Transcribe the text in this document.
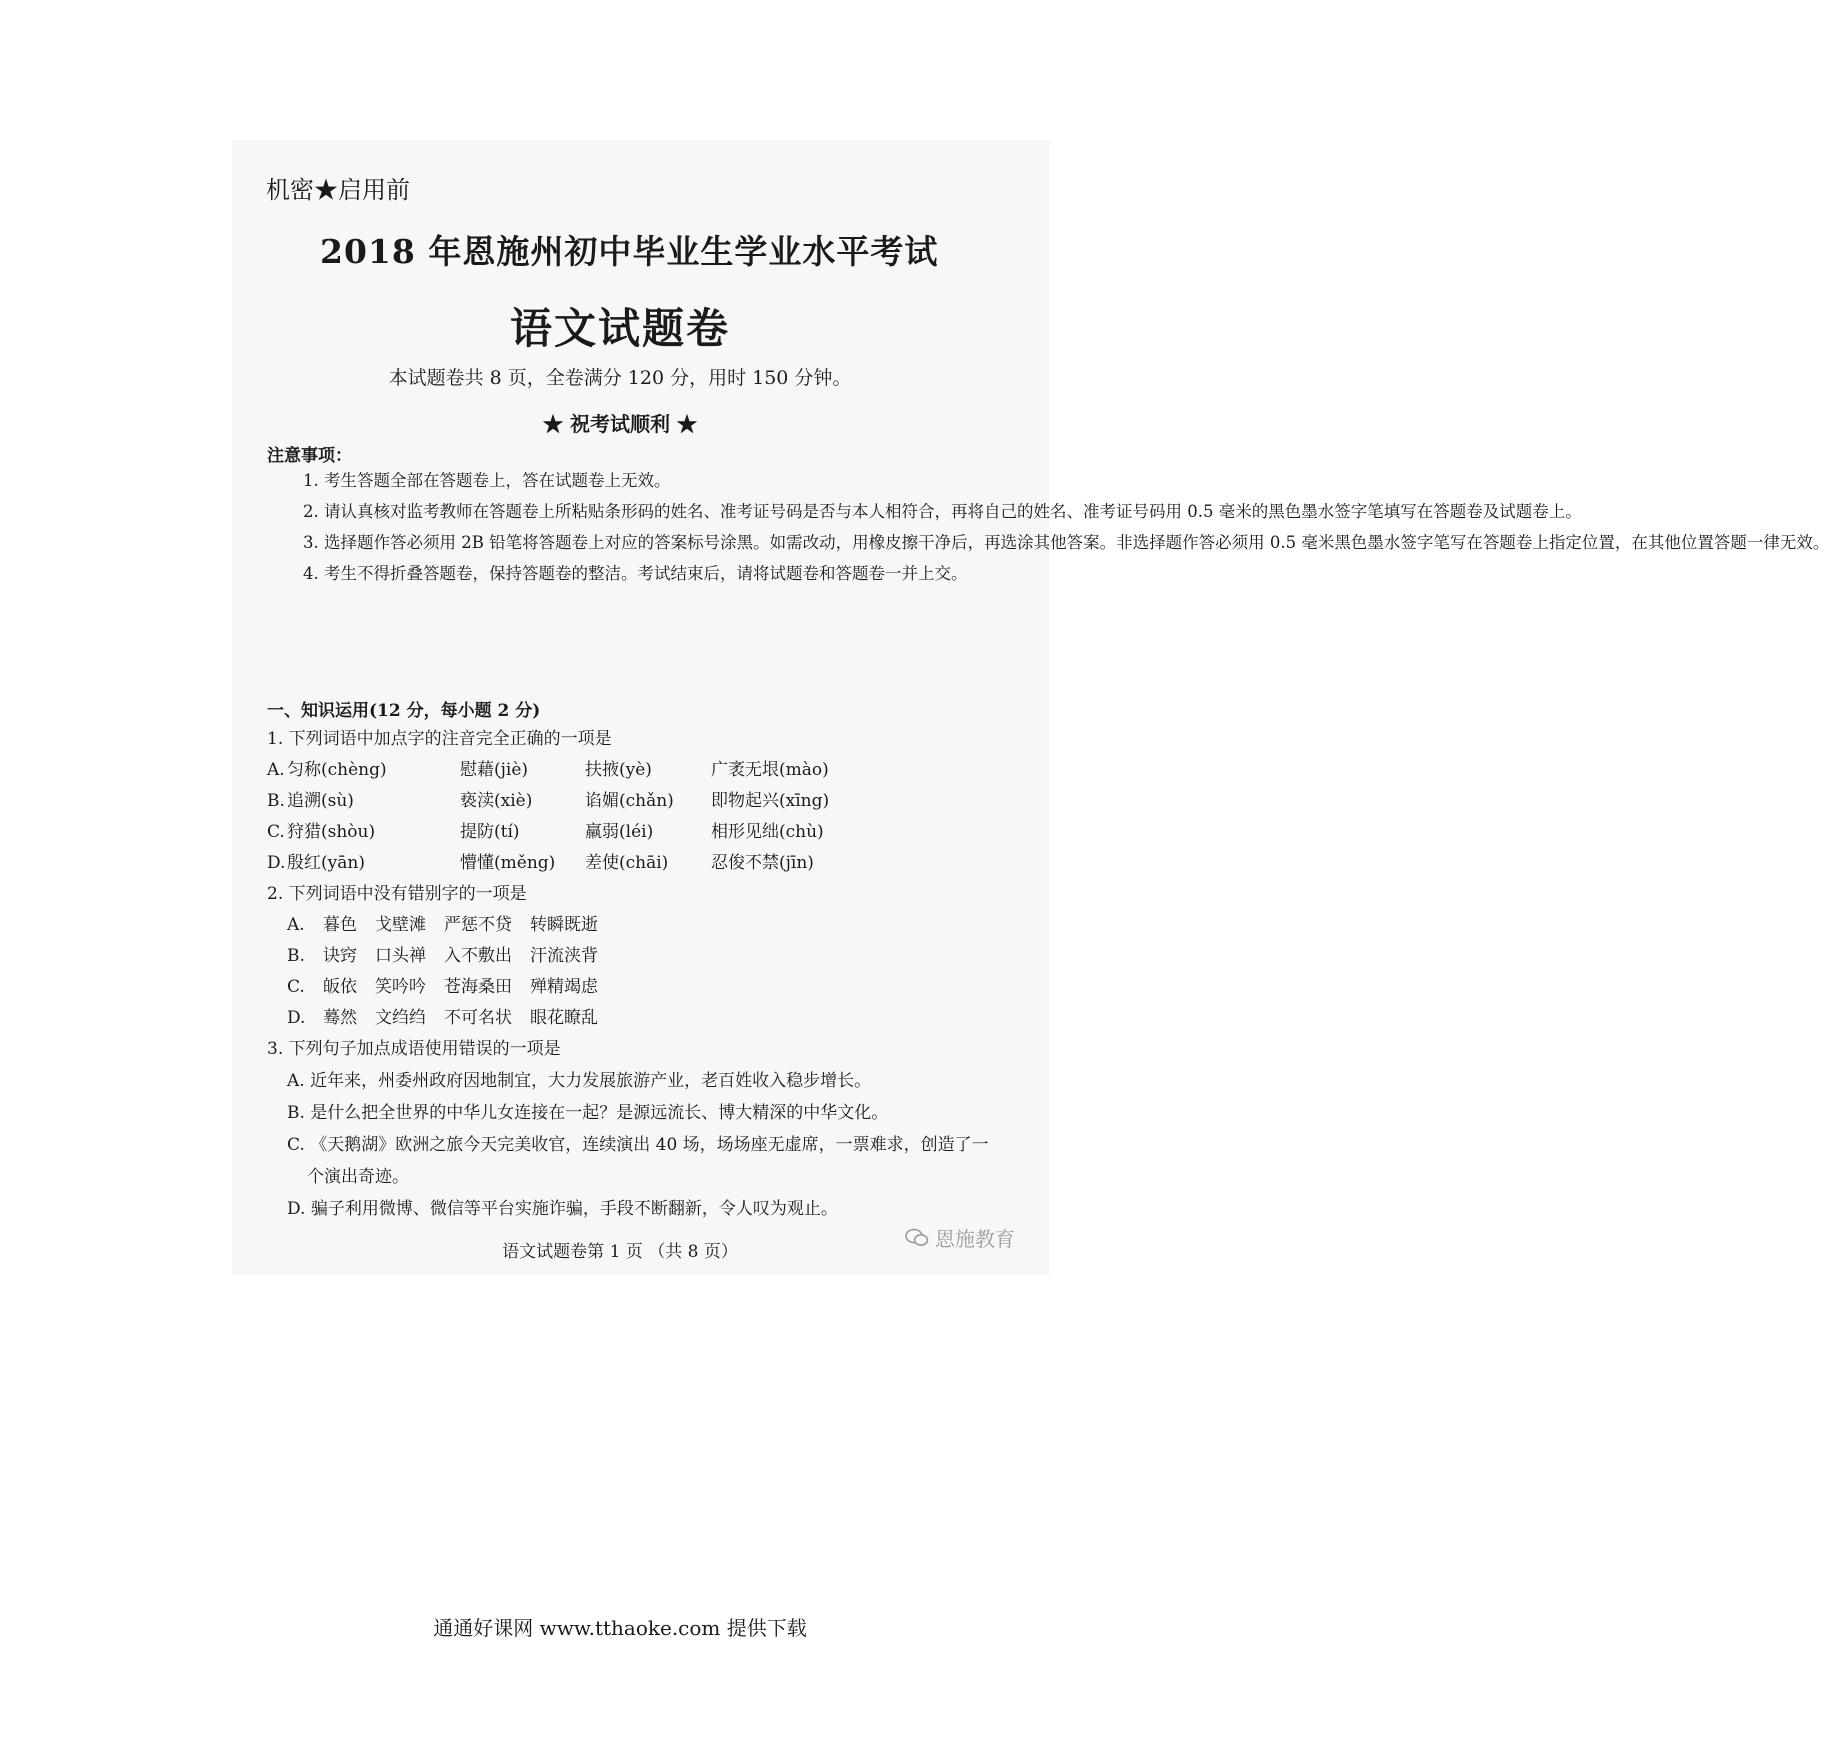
机密★启用前
2018 年恩施州初中毕业生学业水平考试
语文试题卷
本试题卷共 8 页，全卷满分 120 分，用时 150 分钟。
★ 祝考试顺利 ★
注意事项：

1. 考生答题全部在答题卷上，答在试题卷上无效。

2. 请认真核对监考教师在答题卷上所粘贴条形码的姓名、准考证号码是否与本人相符合，再将自己的姓名、准考证号码用 0.5 毫米的黑色墨水签字笔填写在答题卷及试题卷上。

3. 选择题作答必须用 2B 铅笔将答题卷上对应的答案标号涂黑。如需改动，用橡皮擦干净后，再选涂其他答案。非选择题作答必须用 0.5 毫米黑色墨水签字笔写在答题卷上指定位置，在其他位置答题一律无效。

4. 考生不得折叠答题卷，保持答题卷的整洁。考试结束后，请将试题卷和答题卷一并上交。

一、知识运用(12 分，每小题 2 分)
1. 下列词语中加点字的注音完全正确的一项是
A. 匀称(chèng)	慰藉(jiè)	扶掖(yè)	广袤无垠(mào)
B. 追溯(sù)	亵渎(xiè)	谄媚(chǎn) 即物起兴(xīng)
C. 狩猎(shòu)	提防(tí)	羸弱(léi)	相形见绌(chù)
D. 殷红(yān)	懵懂(měng) 差使(chāi)	忍俊不禁(jīn)
2. 下列词语中没有错别字的一项是
A. 暮色 戈壁滩 严惩不贷 转瞬既逝
B. 诀窍 口头禅 入不敷出 汗流浃背
C. 皈依 笑吟吟 苍海桑田 殚精竭虑
D. 蓦然 文绉绉 不可名状 眼花瞭乱
3. 下列句子加点成语使用错误的一项是
A. 近年来，州委州政府因地制宜，大力发展旅游产业，老百姓收入稳步增长。
B. 是什么把全世界的中华儿女连接在一起？是源远流长、博大精深的中华文化。
C. 《天鹅湖》欧洲之旅今天完美收官，连续演出 40 场，场场座无虚席，一票难求，创造了一
个演出奇迹。
D. 骗子利用微博、微信等平台实施诈骗，手段不断翻新，令人叹为观止。
恩施教育
语文试题卷第 1 页 （共 8 页）
通通好课网 www.tthaoke.com 提供下载
